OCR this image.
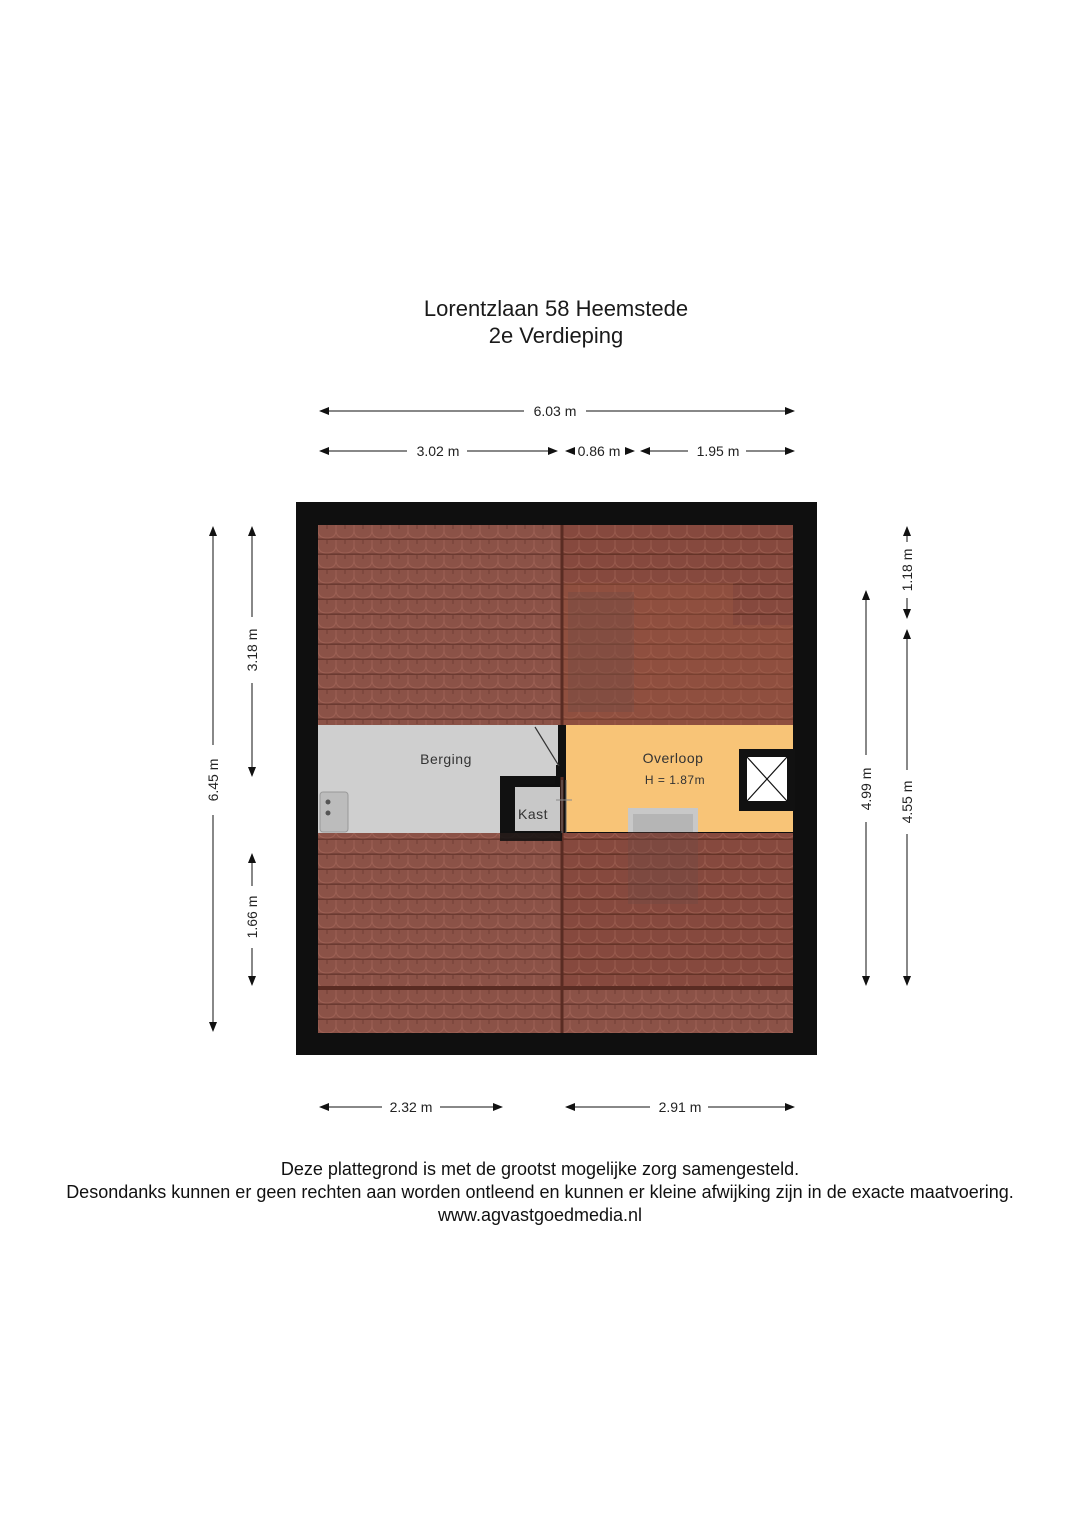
Lorentzlaan 58 Heemstede
2e Verdieping
Berging	Overloop
H = 1.87m
Kast
6.03 m
3.02 m	0.86 m	1.95 m
6.45 m
3.18 m
1.66 m
1.18 m
4.99 m 4.55 m
2.32 m	2.91 m
Deze plattegrond is met de grootst mogelijke zorg samengesteld.
Desondanks kunnen er geen rechten aan worden ontleend en kunnen er kleine afwijking zijn in de exacte maatvoering.
www.agvastgoedmedia.nl
